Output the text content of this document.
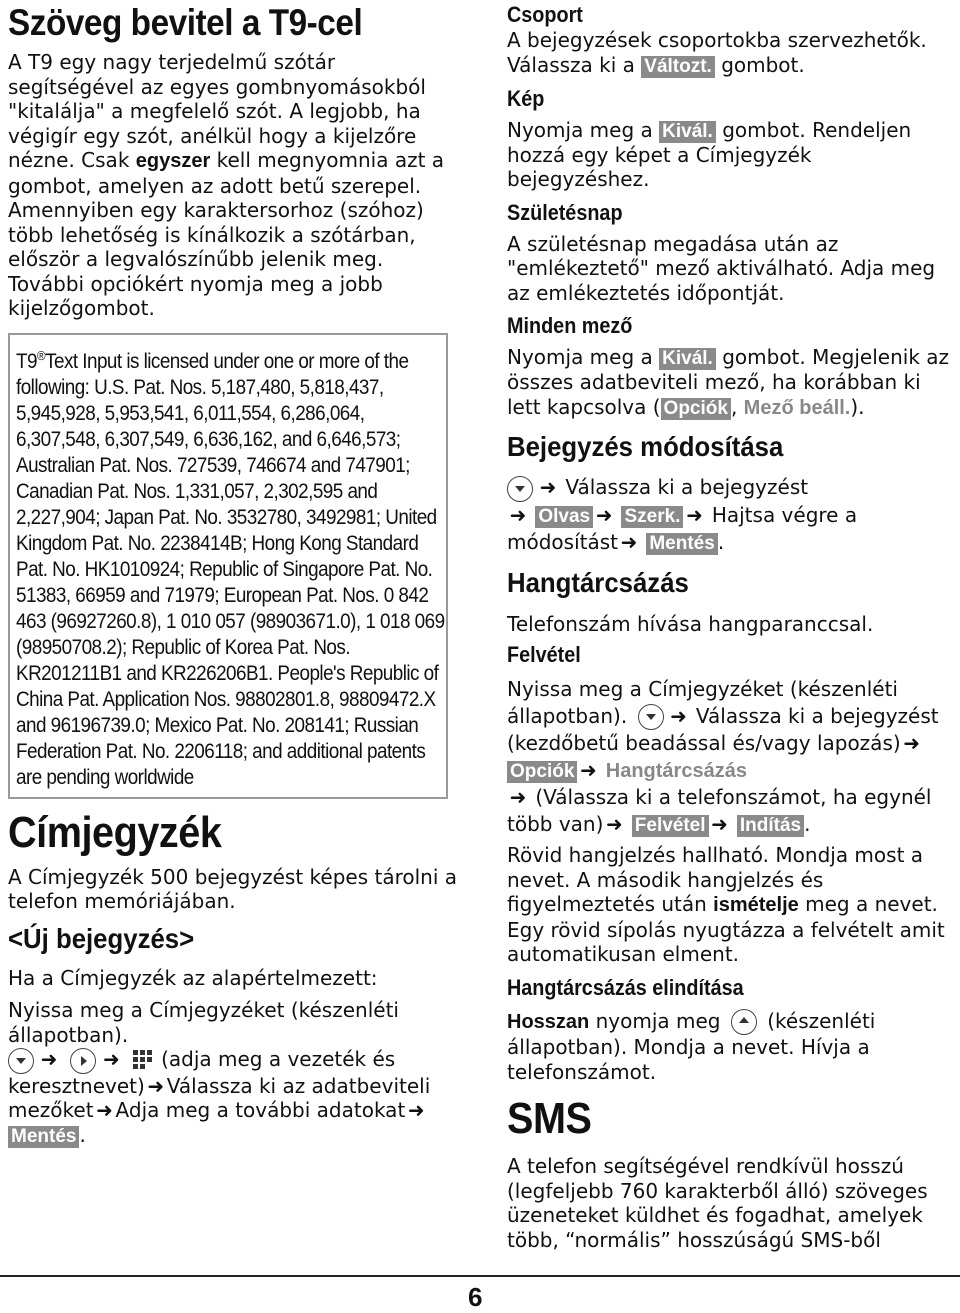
Szöveg bevitel a T9-cel

A T9 egy nagy terjedelmű szótár segítségével az egyes gombnyomásokból "kitalálja" a megfelelő szót. A legjobb, ha végigír egy szót, anélkül hogy a kijelzőre nézne. Csak egyszer kell megnyomnia azt a gombot, amelyen az adott betű szerepel. Amennyiben egy karaktersorhoz (szóhoz) több lehetőség is kínálkozik a szótárban, először a legvalószínűbb jelenik meg. További opciókért nyomja meg a jobb kijelzőgombot.

T9®Text Input is licensed under one or more of the following: U.S. Pat. Nos. 5,187,480, 5,818,437, 5,945,928, 5,953,541, 6,011,554, 6,286,064, 6,307,548, 6,307,549, 6,636,162, and 6,646,573; Australian Pat. Nos. 727539, 746674 and 747901; Canadian Pat. Nos. 1,331,057, 2,302,595 and 2,227,904; Japan Pat. No. 3532780, 3492981; United Kingdom Pat. No. 2238414B; Hong Kong Standard Pat. No. HK1010924; Republic of Singapore Pat. No. 51383, 66959 and 71979; European Pat. Nos. 0 842 463 (96927260.8), 1 010 057 (98903671.0), 1 018 069 (98950708.2); Republic of Korea Pat. Nos. KR201211B1 and KR226206B1. People's Republic of China Pat. Application Nos. 98802801.8, 98809472.X and 96196739.0; Mexico Pat. No. 208141; Russian Federation Pat. No. 2206118; and additional patents are pending worldwide

Címjegyzék

A Címjegyzék 500 bejegyzést képes tárolni a telefon memóriájában.

<Új bejegyzés>

Ha a Címjegyzék az alapértelmezett:

Nyissa meg a Címjegyzéket (készenléti állapotban).

➜ ➜ (adja meg a vezeték és keresztnevet) ➜ Válassza ki az adatbeviteli mezőket ➜ Adja meg a további adatokat ➜Mentés .

Csoport

A bejegyzések csoportokba szervezhetők. Válassza ki a Változt. gombot.

Kép

Nyomja meg a Kivál. gombot. Rendeljen hozzá egy képet a Címjegyzék bejegyzéshez.

Születésnap

A születésnap megadása után az "emlékeztető" mező aktiválható. Adja meg az emlékeztetés időpontját.

Minden mező

Nyomja meg a Kivál. gombot. Megjelenik az összes adatbeviteli mező, ha korábban ki lett kapcsolva ( Opciók , Mező beáll.).

Bejegyzés módosítása

➜ Válassza ki a bejegyzést
➜ Olvas ➜ Szerk. ➜ Hajtsa végre a módosítást ➜ Mentés .

Hangtárcsázás

Telefonszám hívása hangparanccsal.

Felvétel

Nyissa meg a Címjegyzéket (készenléti állapotban). ➜ Válassza ki a bejegyzést (kezdőbetű beadással és/vagy lapozás) ➜ Opciók ➜ Hangtárcsázás
➜ (Válassza ki a telefonszámot, ha egynél több van) ➜ Felvétel ➜ Indítás .

Rövid hangjelzés hallható. Mondja most a nevet. A második hangjelzés és figyelmeztetés után ismételje meg a nevet. Egy rövid sípolás nyugtázza a felvételt amit automatikusan elment.

Hangtárcsázás elindítása

Hosszan nyomja meg (készenléti állapotban). Mondja a nevet. Hívja a telefonszámot.

SMS

A telefon segítségével rendkívül hosszú (legfeljebb 760 karakterből álló) szöveges üzeneteket küldhet és fogadhat, amelyek több, “normális” hosszúságú SMS-ből

6
